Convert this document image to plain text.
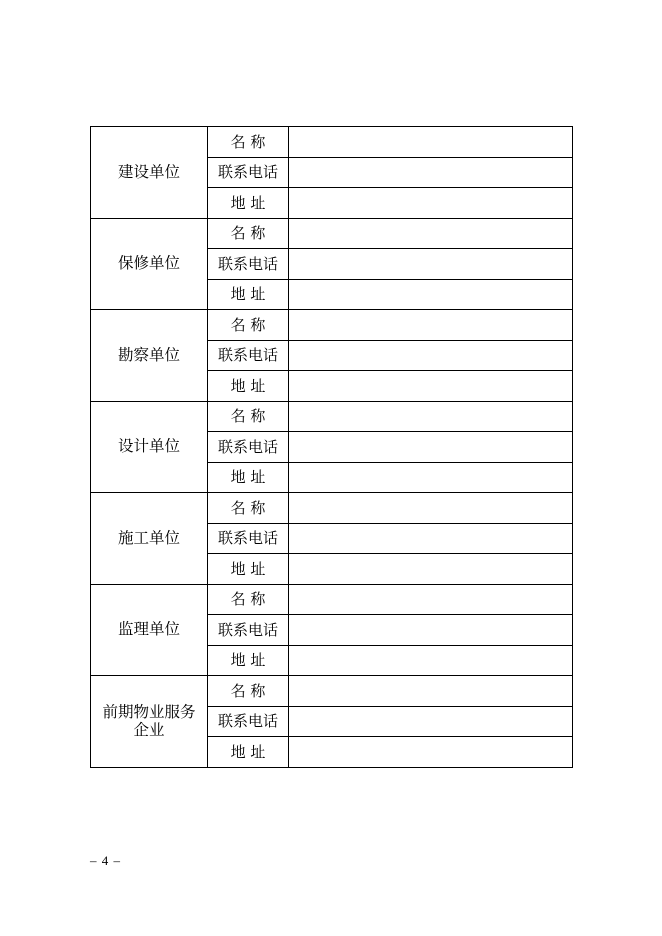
建设单位	名 称	
	联系电话	
	地 址	
保修单位	名 称	
	联系电话	
	地 址	
勘察单位	名 称	
	联系电话	
	地 址	
设计单位	名 称	
	联系电话	
	地 址	
施工单位	名 称	
	联系电话	
	地 址	
监理单位	名 称	
	联系电话	
	地 址	
前期物业服务企业	名 称	
	联系电话	
	地 址	
– 4 –
